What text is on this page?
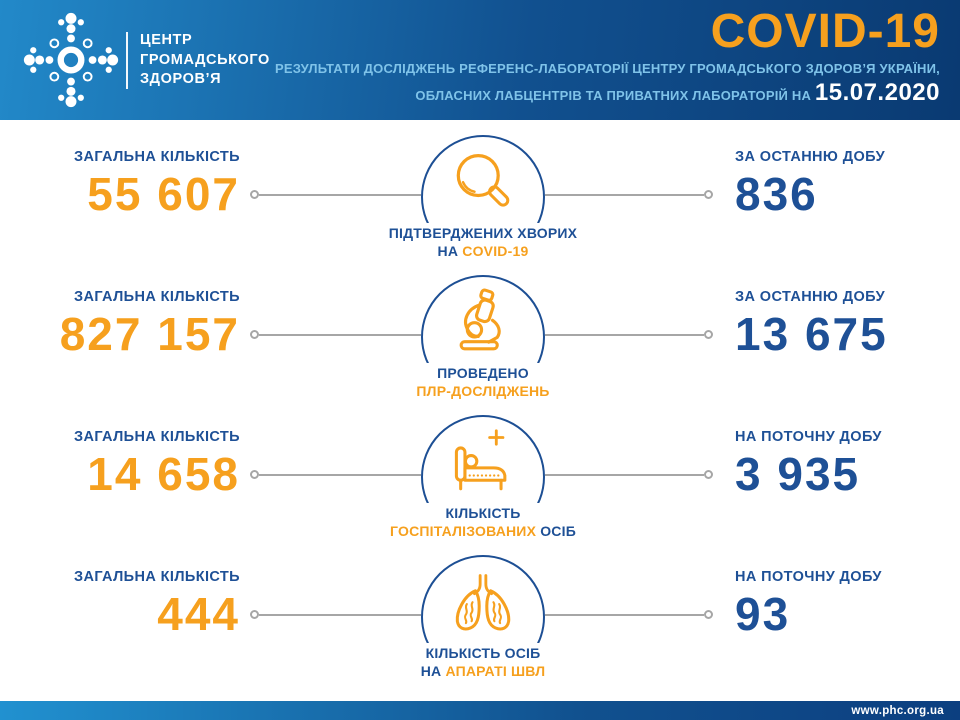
ЦЕНТР
ГРОМАДСЬКОГО
ЗДОРОВ’Я
COVID-19
РЕЗУЛЬТАТИ ДОСЛІДЖЕНЬ РЕФЕРЕНС-ЛАБОРАТОРІЇ ЦЕНТРУ ГРОМАДСЬКОГО ЗДОРОВ’Я УКРАЇНИ,
ОБЛАСНИХ ЛАБЦЕНТРІВ ТА ПРИВАТНИХ ЛАБОРАТОРІЙ НА 15.07.2020
ЗАГАЛЬНА КІЛЬКІСТЬ
55 607
ПІДТВЕРДЖЕНИХ ХВОРИХ
НА COVID-19
ЗА ОСТАННЮ ДОБУ
836
ЗАГАЛЬНА КІЛЬКІСТЬ
827 157
ПРОВЕДЕНО
ПЛР-ДОСЛІДЖЕНЬ
ЗА ОСТАННЮ ДОБУ
13 675
ЗАГАЛЬНА КІЛЬКІСТЬ
14 658
КІЛЬКІСТЬ
ГОСПІТАЛІЗОВАНИХ ОСІБ
НА ПОТОЧНУ ДОБУ
3 935
ЗАГАЛЬНА КІЛЬКІСТЬ
444
КІЛЬКІСТЬ ОСІБ
НА АПАРАТІ ШВЛ
НА ПОТОЧНУ ДОБУ
93
www.phc.org.ua
